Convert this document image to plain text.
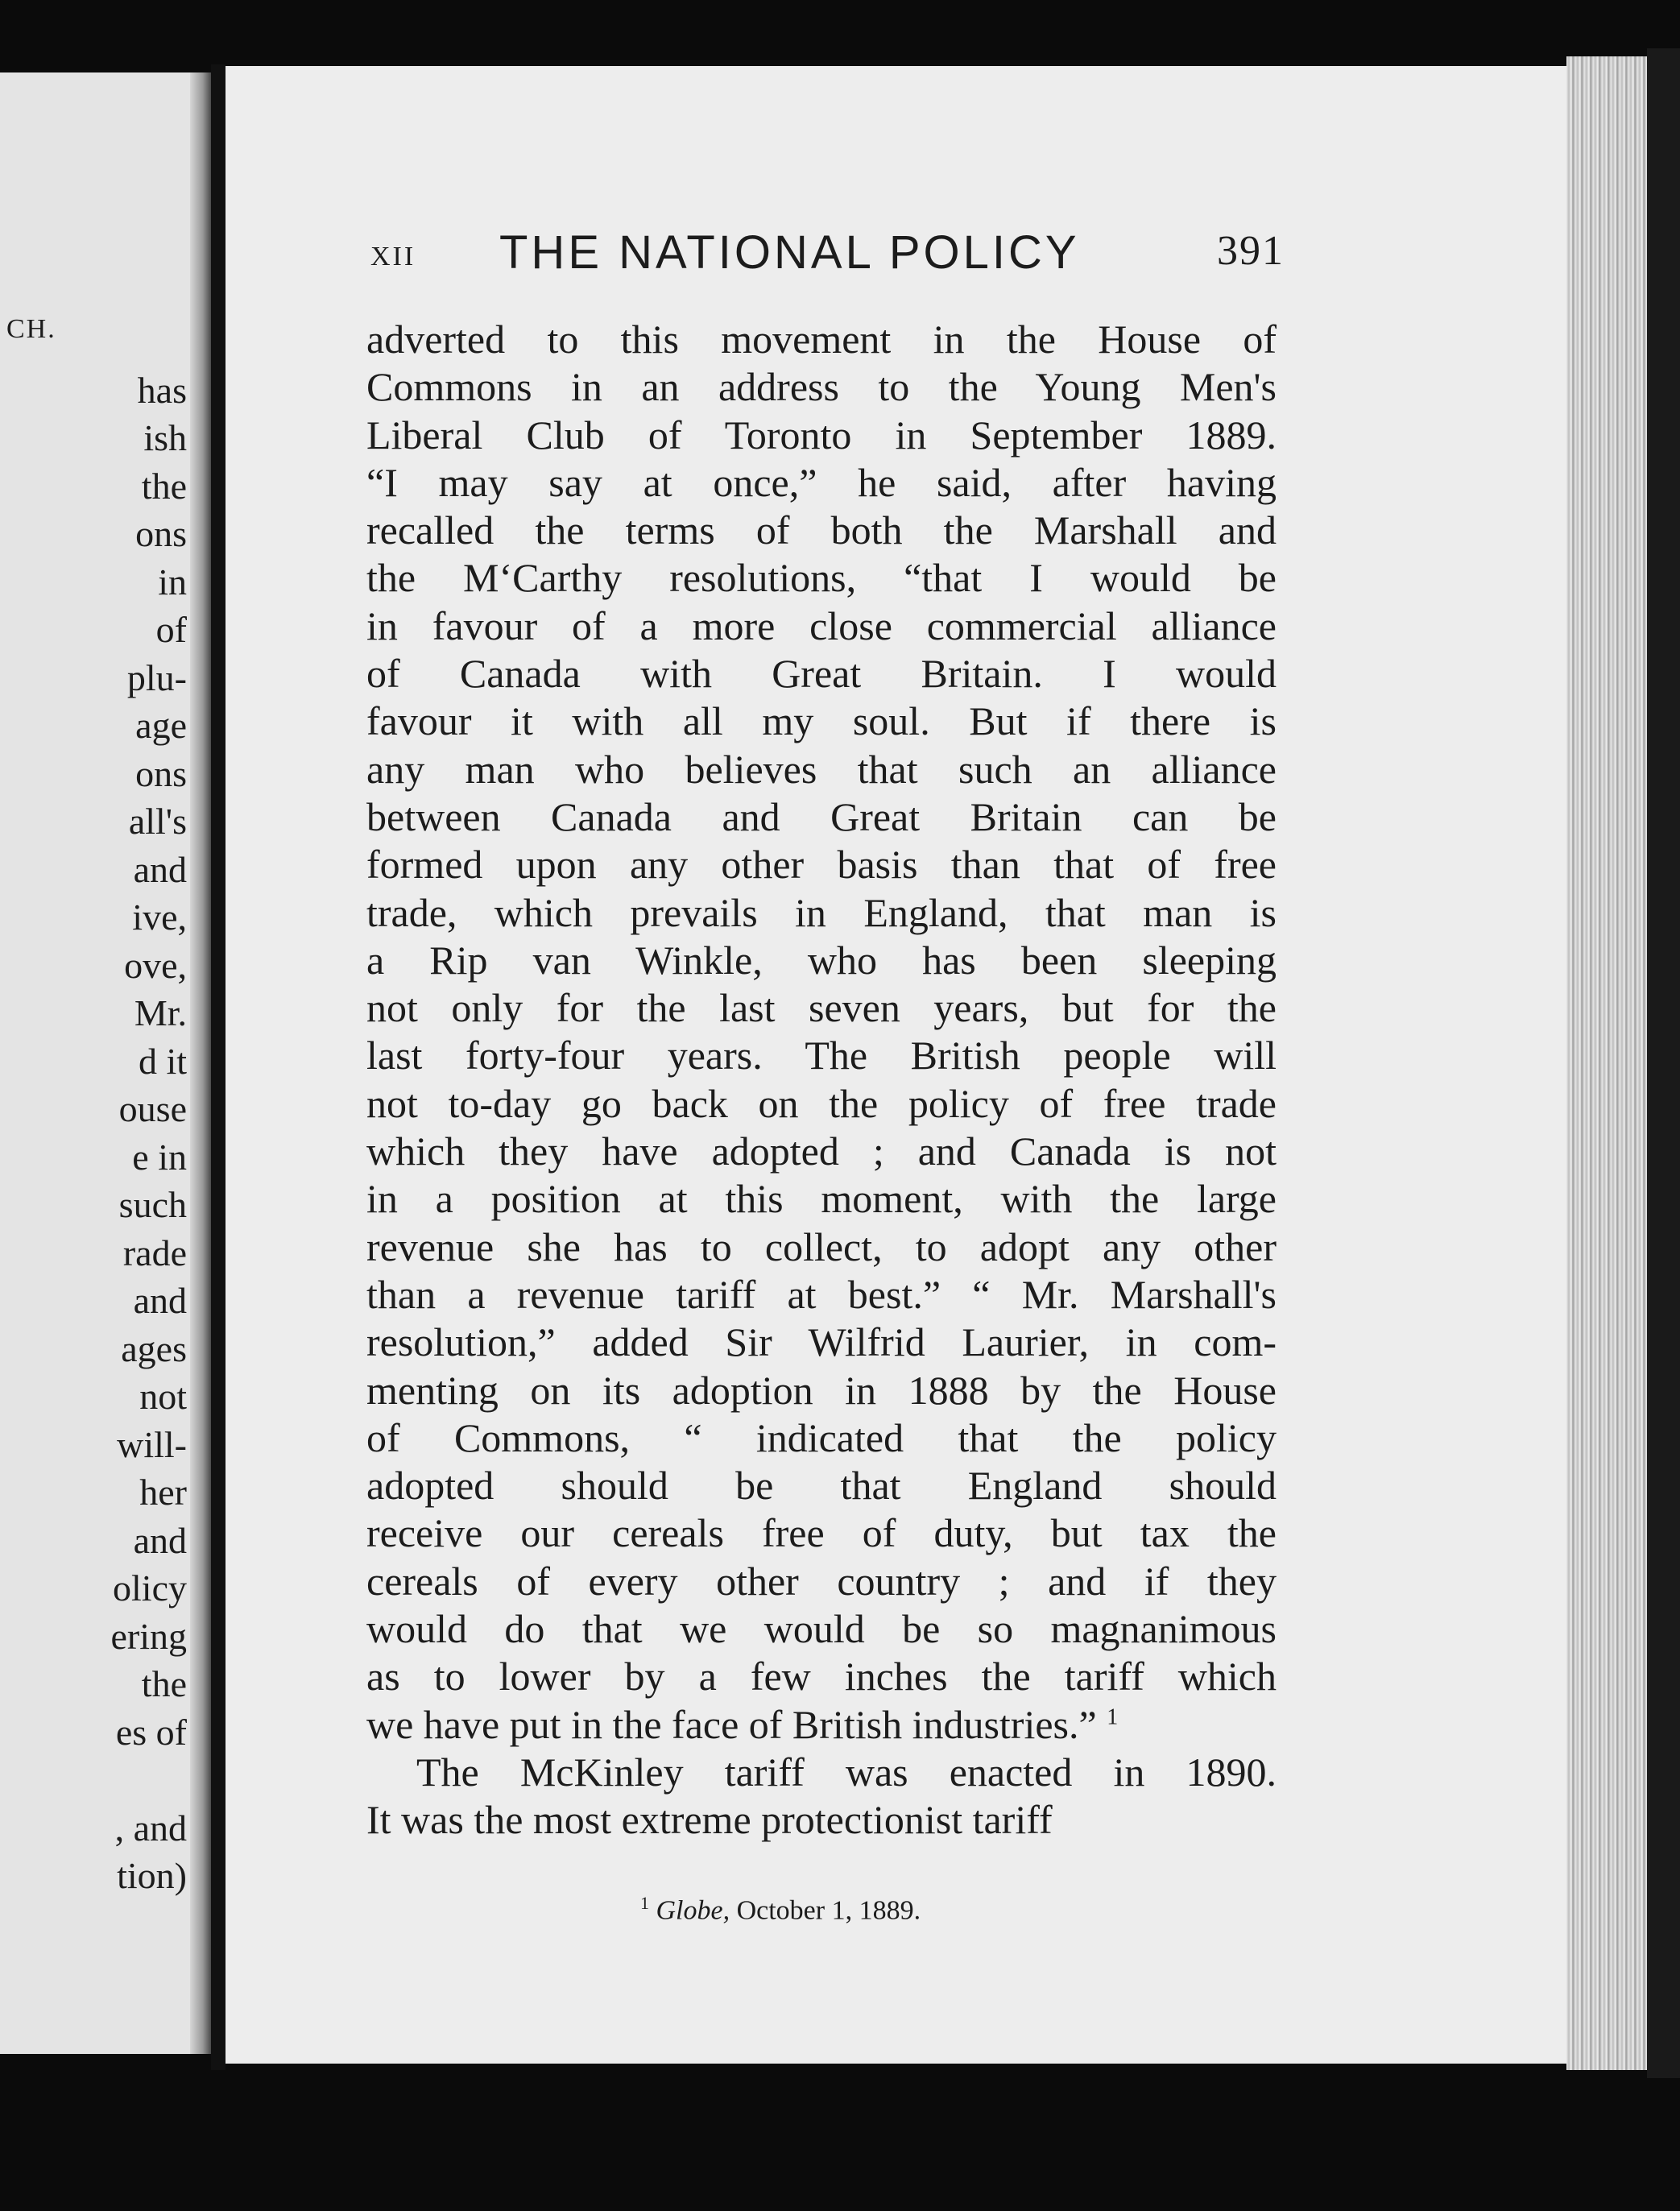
CH.
has
ish
the
ons
in
of
plu-
age
ons
all's
and
ive,
ove,
Mr.
d it
ouse
e in
such
rade
and
ages
not
will-
her
and
olicy
ering
the
es of
, and
tion)
XII THE NATIONAL POLICY	391
adverted to this movement in the House of
Commons in an address to the Young Men's
Liberal Club of Toronto in September 1889.
“I may say at once,” he said, after having
recalled the terms of both the Marshall and
the M‘Carthy resolutions, “that I would be
in favour of a more close commercial alliance
of Canada with Great Britain. I would
favour it with all my soul. But if there is
any man who believes that such an alliance
between Canada and Great Britain can be
formed upon any other basis than that of free
trade, which prevails in England, that man is
a Rip van Winkle, who has been sleeping
not only for the last seven years, but for the
last forty-four years. The British people will
not to-day go back on the policy of free trade
which they have adopted ; and Canada is not
in a position at this moment, with the large
revenue she has to collect, to adopt any other
than a revenue tariff at best.” “ Mr. Marshall's
resolution,” added Sir Wilfrid Laurier, in com-
menting on its adoption in 1888 by the House
of Commons, “ indicated that the policy
adopted should be that England should
receive our cereals free of duty, but tax the
cereals of every other country ; and if they
would do that we would be so magnanimous
as to lower by a few inches the tariff which
we have put in the face of British industries.” $^1$
The McKinley tariff was enacted in 1890.
It was the most extreme protectionist tariff
$^1$ Globe, October 1, 1889.
